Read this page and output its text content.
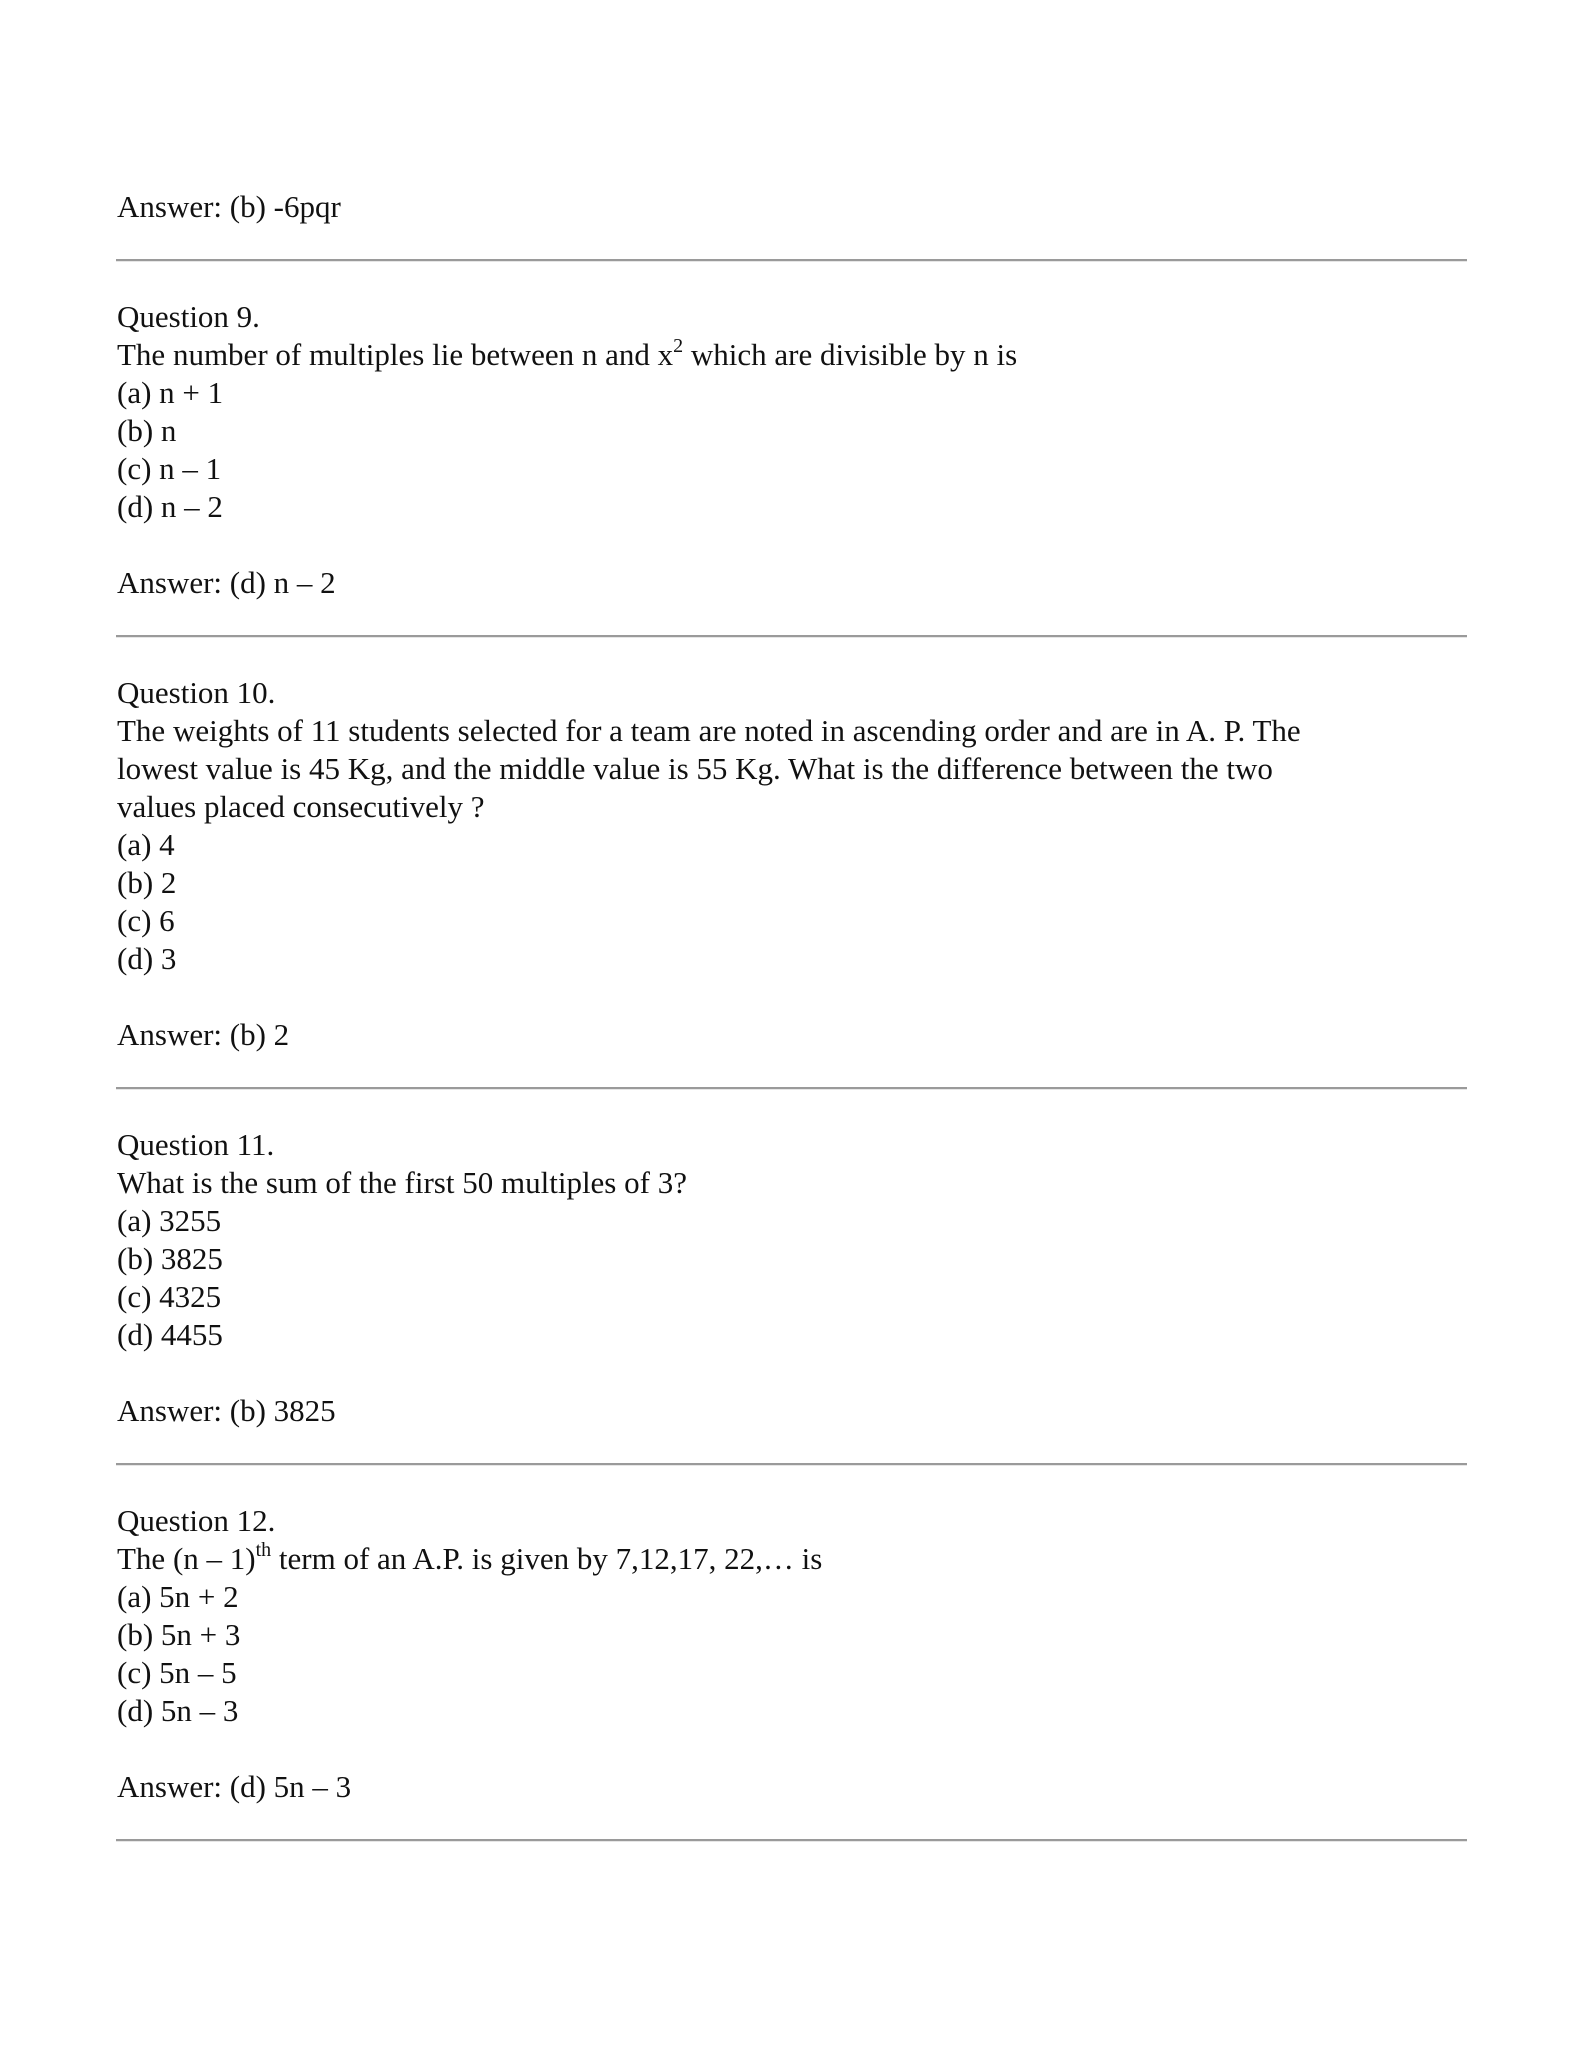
Answer: (b) -6pqr
Question 9.
The number of multiples lie between n and $x^2$ which are divisible by n is
(a) n + 1
(b) n
(c) n – 1
(d) n – 2
Answer: (d) n – 2
Question 10.
The weights of 11 students selected for a team are noted in ascending order and are in A. P. The
lowest value is 45 Kg, and the middle value is 55 Kg. What is the difference between the two
values placed consecutively ?
(a) 4
(b) 2
(c) 6
(d) 3
Answer: (b) 2
Question 11.
What is the sum of the first 50 multiples of 3?
(a) 3255
(b) 3825
(c) 4325
(d) 4455
Answer: (b) 3825
Question 12.
The (n – 1)$^{th}$ term of an A.P. is given by 7,12,17, 22,… is
(a) 5n + 2
(b) 5n + 3
(c) 5n – 5
(d) 5n – 3
Answer: (d) 5n – 3
